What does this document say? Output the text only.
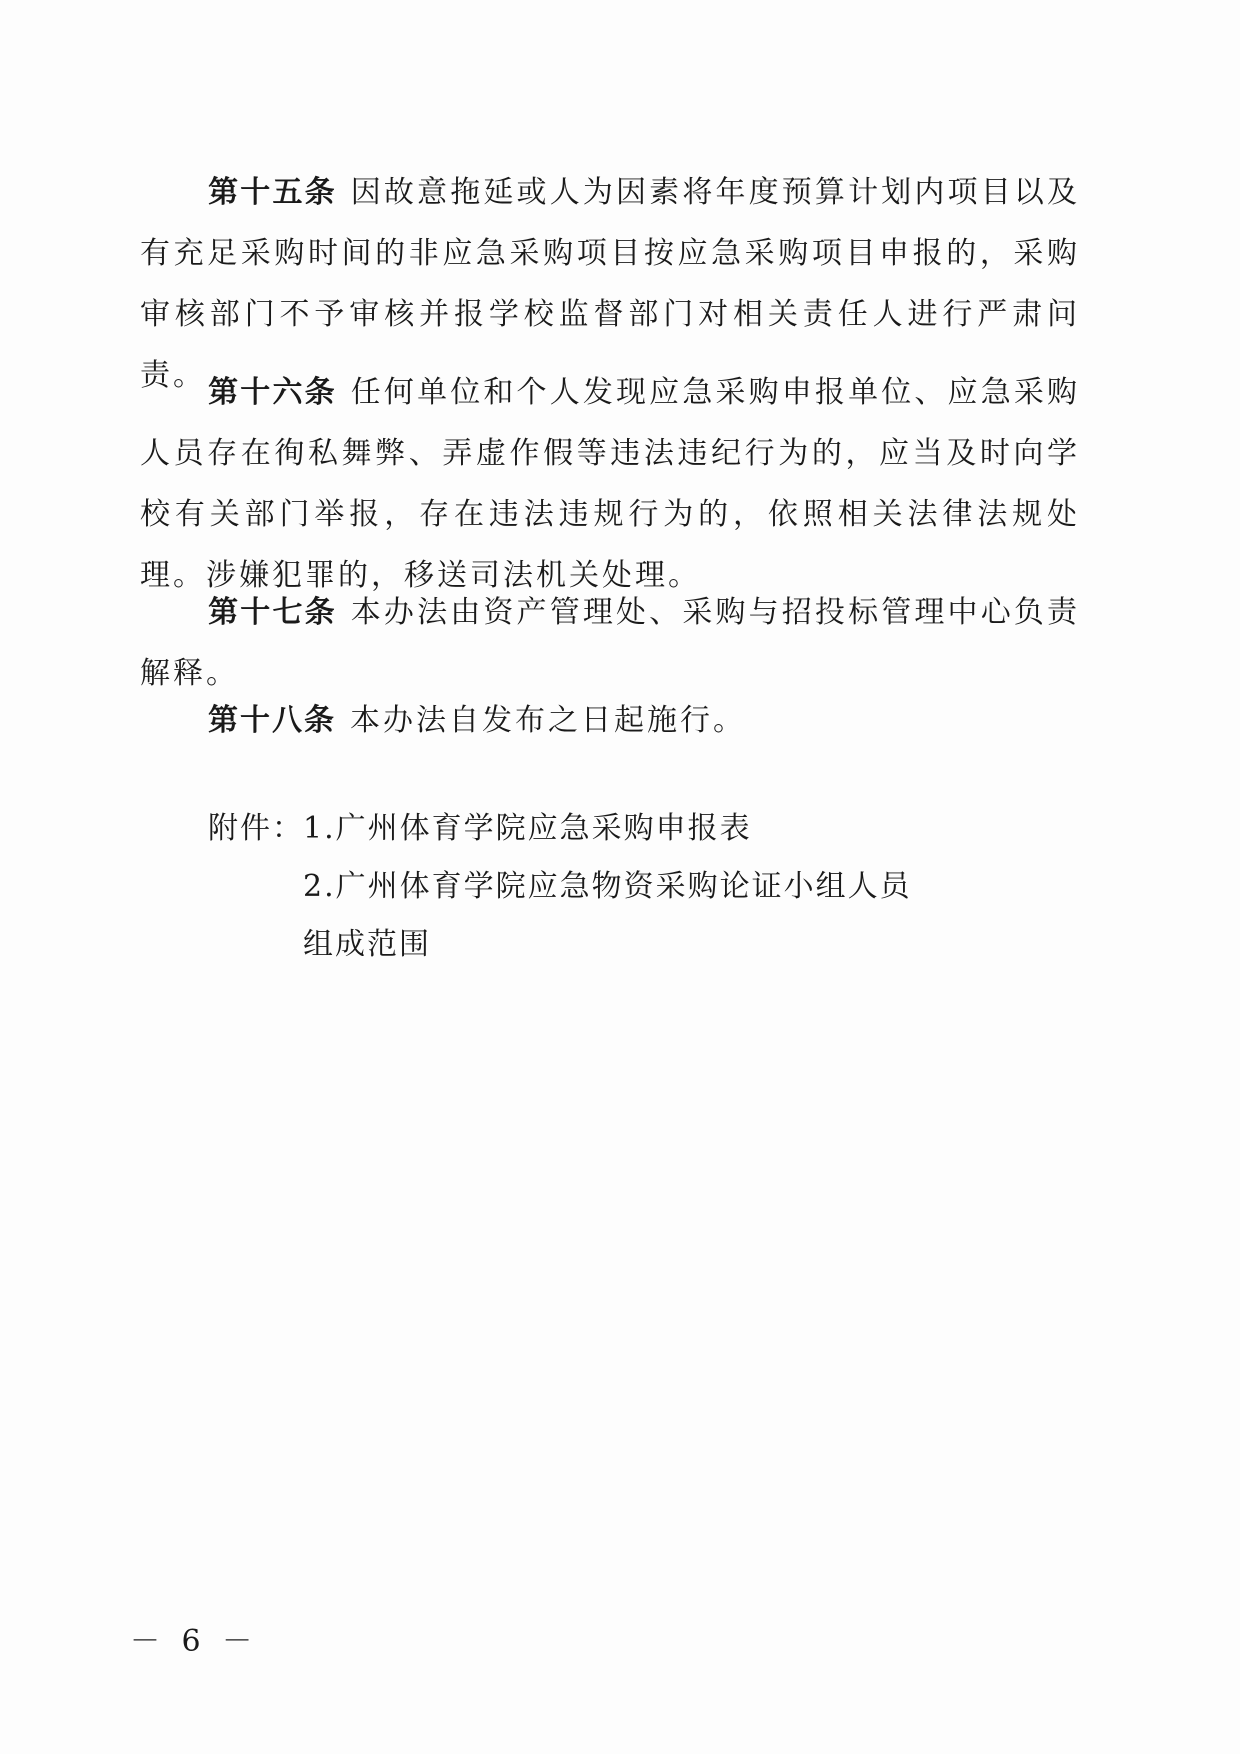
第十五条 因故意拖延或人为因素将年度预算计划内项目以及有充足采购时间的非应急采购项目按应急采购项目申报的，采购审核部门不予审核并报学校监督部门对相关责任人进行严肃问责。 第十六条 任何单位和个人发现应急采购申报单位、应急采购人员存在徇私舞弊、弄虚作假等违法违纪行为的，应当及时向学校有关部门举报，存在违法违规行为的，依照相关法律法规处理。涉嫌犯罪的，移送司法机关处理。

第十七条 本办法由资产管理处、采购与招投标管理中心负责解释。

第十八条 本办法自发布之日起施行。

附件： 1.广州体育学院应急采购申报表

2.广州体育学院应急物资采购论证小组人员

组成范围

－ 6 －
